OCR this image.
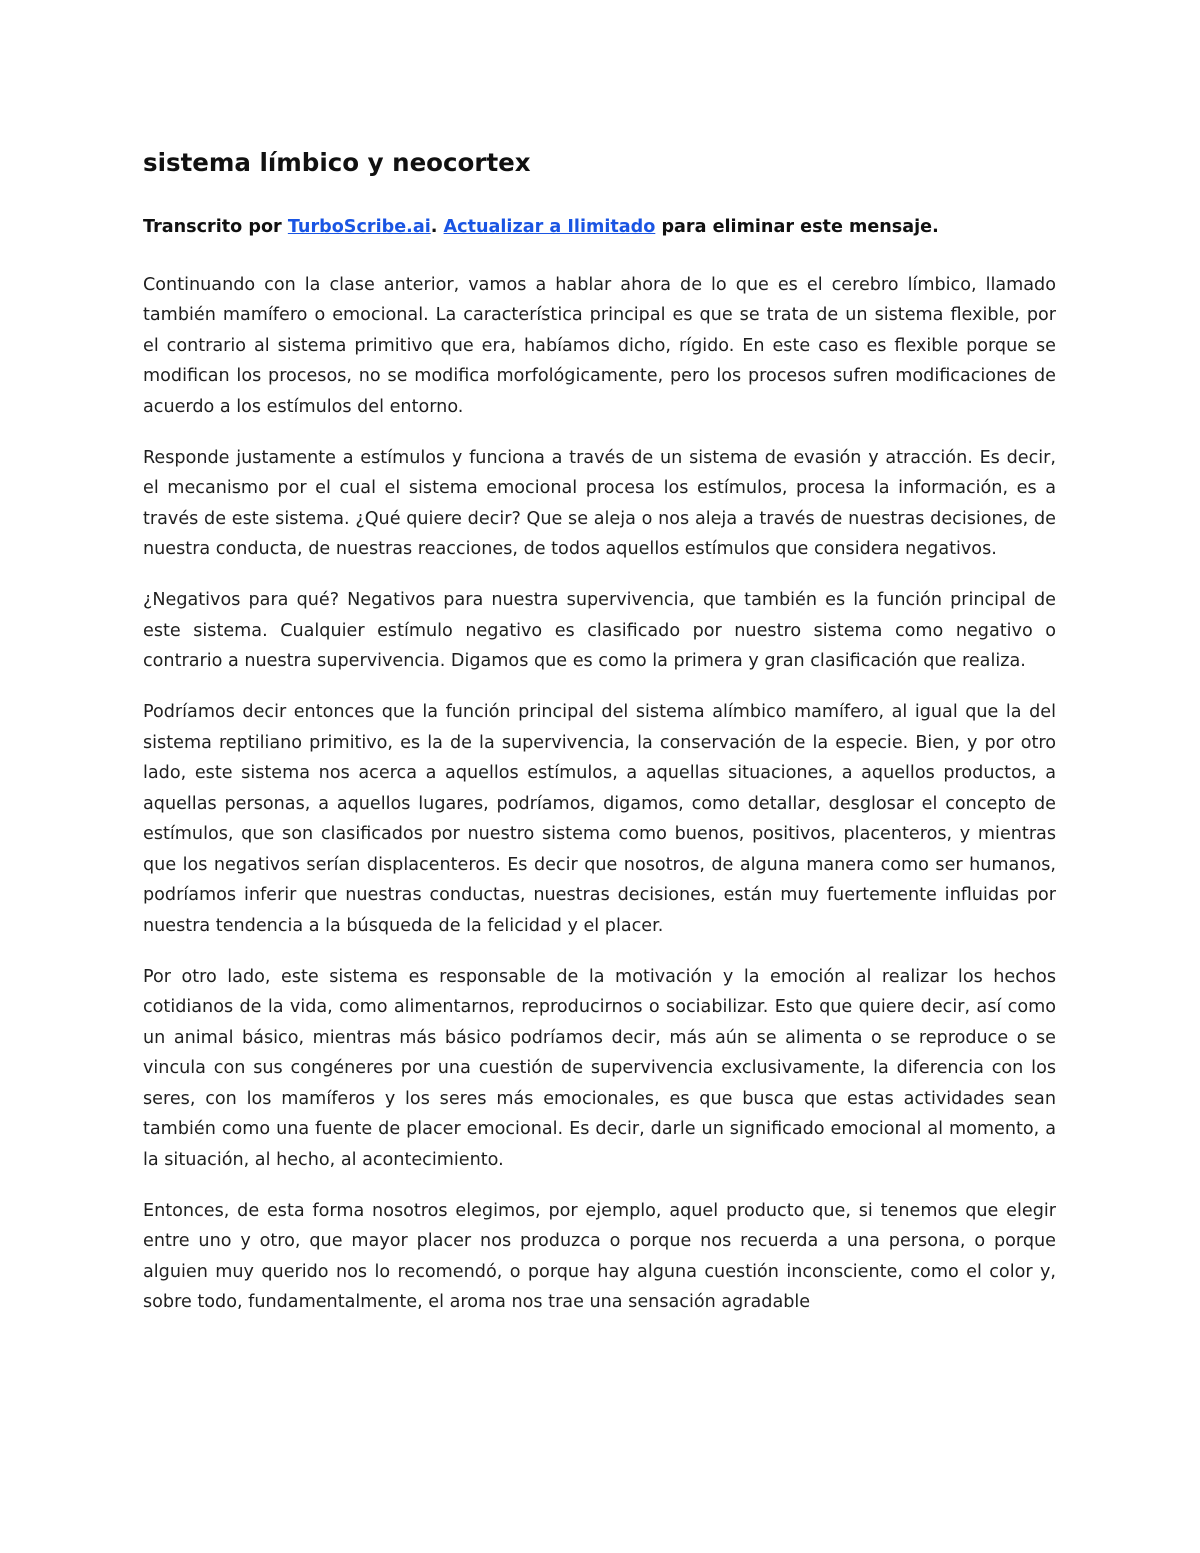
sistema límbico y neocortex

Transcrito por TurboScribe.ai. Actualizar a Ilimitado para eliminar este mensaje.

Continuando con la clase anterior, vamos a hablar ahora de lo que es el cerebro límbico, llamado también mamífero o emocional. La característica principal es que se trata de un sistema flexible, por el contrario al sistema primitivo que era, habíamos dicho, rígido. En este caso es flexible porque se modifican los procesos, no se modifica morfológicamente, pero los procesos sufren modificaciones de acuerdo a los estímulos del entorno.

Responde justamente a estímulos y funciona a través de un sistema de evasión y atracción. Es decir, el mecanismo por el cual el sistema emocional procesa los estímulos, procesa la información, es a través de este sistema. ¿Qué quiere decir? Que se aleja o nos aleja a través de nuestras decisiones, de nuestra conducta, de nuestras reacciones, de todos aquellos estímulos que considera negativos.

¿Negativos para qué? Negativos para nuestra supervivencia, que también es la función principal de este sistema. Cualquier estímulo negativo es clasificado por nuestro sistema como negativo o contrario a nuestra supervivencia. Digamos que es como la primera y gran clasificación que realiza.

Podríamos decir entonces que la función principal del sistema alímbico mamífero, al igual que la del sistema reptiliano primitivo, es la de la supervivencia, la conservación de la especie. Bien, y por otro lado, este sistema nos acerca a aquellos estímulos, a aquellas situaciones, a aquellos productos, a aquellas personas, a aquellos lugares, podríamos, digamos, como detallar, desglosar el concepto de estímulos, que son clasificados por nuestro sistema como buenos, positivos, placenteros, y mientras que los negativos serían displacenteros. Es decir que nosotros, de alguna manera como ser humanos, podríamos inferir que nuestras conductas, nuestras decisiones, están muy fuertemente influidas por nuestra tendencia a la búsqueda de la felicidad y el placer.

Por otro lado, este sistema es responsable de la motivación y la emoción al realizar los hechos cotidianos de la vida, como alimentarnos, reproducirnos o sociabilizar. Esto que quiere decir, así como un animal básico, mientras más básico podríamos decir, más aún se alimenta o se reproduce o se vincula con sus congéneres por una cuestión de supervivencia exclusivamente, la diferencia con los seres, con los mamíferos y los seres más emocionales, es que busca que estas actividades sean también como una fuente de placer emocional. Es decir, darle un significado emocional al momento, a la situación, al hecho, al acontecimiento.

Entonces, de esta forma nosotros elegimos, por ejemplo, aquel producto que, si tenemos que elegir entre uno y otro, que mayor placer nos produzca o porque nos recuerda a una persona, o porque alguien muy querido nos lo recomendó, o porque hay alguna cuestión inconsciente, como el color y, sobre todo, fundamentalmente, el aroma nos trae una sensación agradable
